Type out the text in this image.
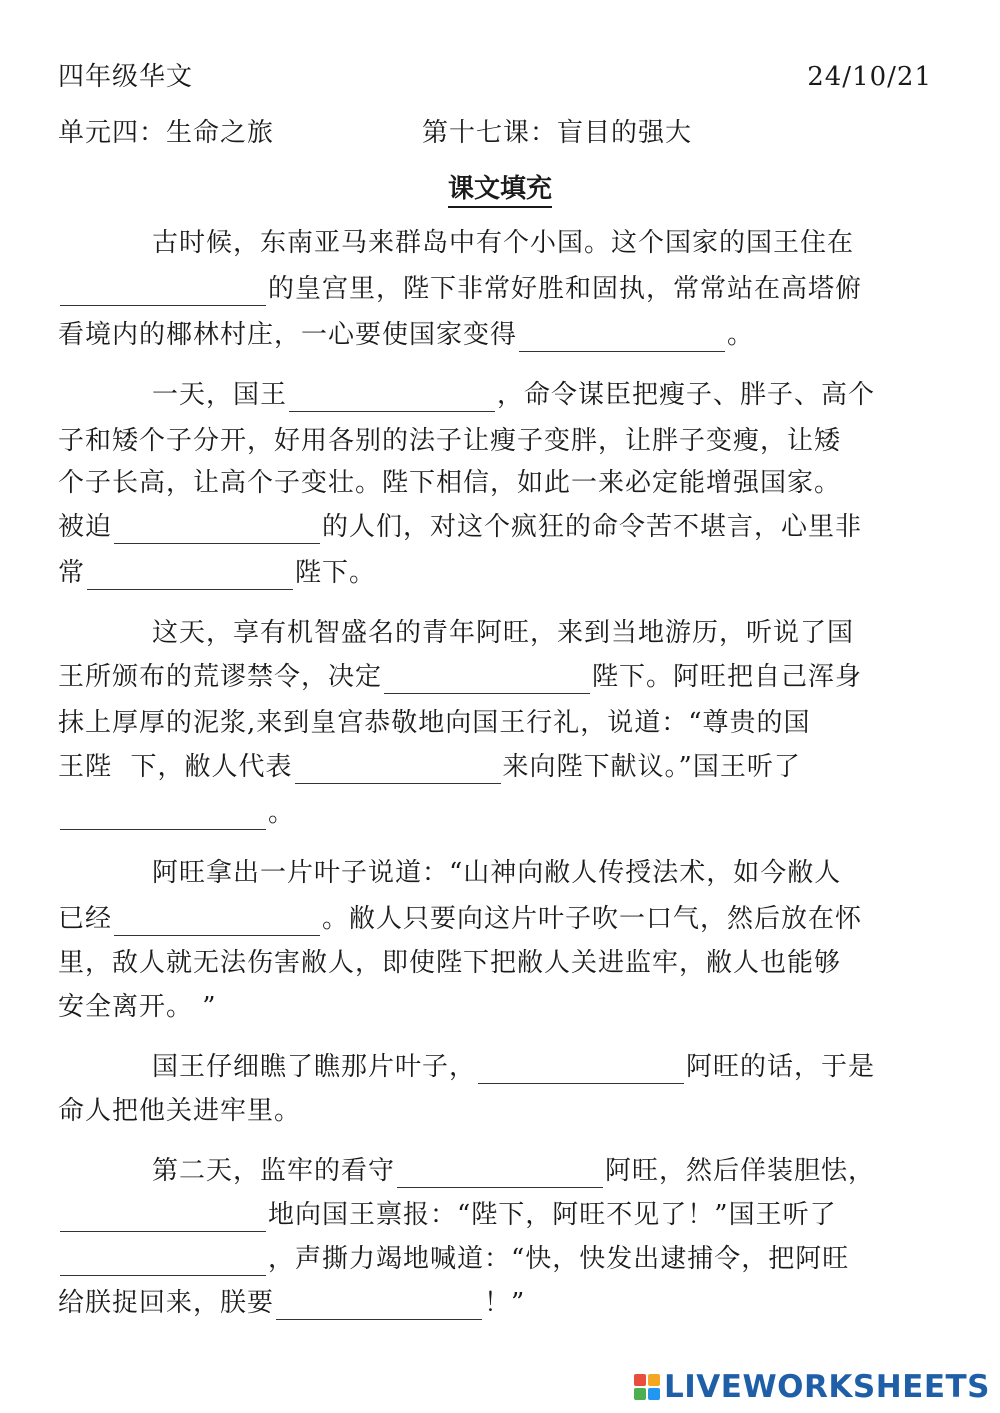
四年级华文	24/10/21
单元四：生命之旅	第十七课：盲目的强大
课文填充
古时候，东南亚马来群岛中有个小国。这个国家的国王住在
的皇宫里，陛下非常好胜和固执，常常站在高塔俯
看境内的椰林村庄，一心要使国家变得	。
一天，国王	，命令谋臣把瘦子、胖子、高个
子和矮个子分开，好用各别的法子让瘦子变胖，让胖子变瘦，让矮
个子长高，让高个子变壮。陛下相信，如此一来必定能增强国家。
被迫	的人们，对这个疯狂的命令苦不堪言，心里非
常	陛下。
这天，享有机智盛名的青年阿旺，来到当地游历，听说了国
王所颁布的荒谬禁令，决定	陛下。阿旺把自己浑身
抹上厚厚的泥浆,来到皇宫恭敬地向国王行礼，说道：“尊贵的国
王陛  下，敝人代表	来向陛下献议。”国王听了
。
阿旺拿出一片叶子说道：“山神向敝人传授法术，如今敝人
已经	。敝人只要向这片叶子吹一口气，然后放在怀
里，敌人就无法伤害敝人，即使陛下把敝人关进监牢，敝人也能够
安全离开。 ”
国王仔细瞧了瞧那片叶子，	阿旺的话，于是
命人把他关进牢里。
第二天，监牢的看守	阿旺，然后佯装胆怯，
地向国王禀报：“陛下，阿旺不见了！”国王听了
，声撕力竭地喊道：“快，快发出逮捕令，把阿旺
给朕捉回来，朕要	！”
LIVEWORKSHEETS
